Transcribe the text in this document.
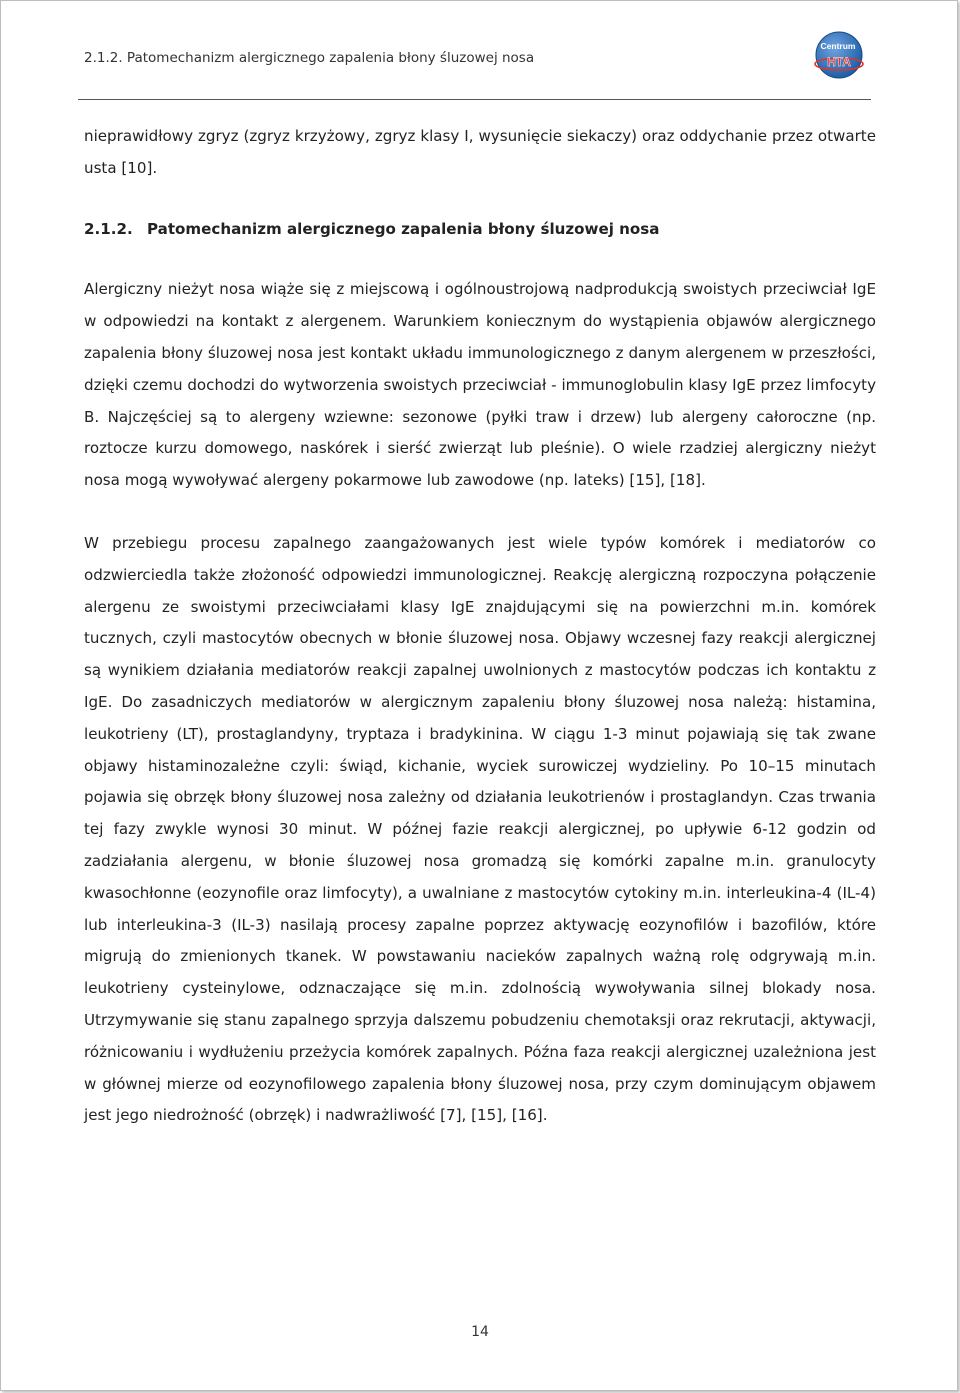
2.1.2. Patomechanizm alergicznego zapalenia błony śluzowej nosa
Centrum
HTA

nieprawidłowy zgryz (zgryz krzyżowy, zgryz klasy I, wysunięcie siekaczy) oraz oddychanie przez otwarte usta [10].

2.1.2. Patomechanizm alergicznego zapalenia błony śluzowej nosa

Alergiczny nieżyt nosa wiąże się z miejscową i ogólnoustrojową nadprodukcją swoistych przeciwciał IgE w odpowiedzi na kontakt z alergenem. Warunkiem koniecznym do wystąpienia objawów alergicznego zapalenia błony śluzowej nosa jest kontakt układu immunologicznego z danym alergenem w przeszłości, dzięki czemu dochodzi do wytworzenia swoistych przeciwciał - immunoglobulin klasy IgE przez limfocyty B. Najczęściej są to alergeny wziewne: sezonowe (pyłki traw i drzew) lub alergeny całoroczne (np. roztocze kurzu domowego, naskórek i sierść zwierząt lub pleśnie). O wiele rzadziej alergiczny nieżyt nosa mogą wywoływać alergeny pokarmowe lub zawodowe (np. lateks) [15], [18].

W przebiegu procesu zapalnego zaangażowanych jest wiele typów komórek i mediatorów co odzwierciedla także złożoność odpowiedzi immunologicznej. Reakcję alergiczną rozpoczyna połączenie alergenu ze swoistymi przeciwciałami klasy IgE znajdującymi się na powierzchni m.in. komórek tucznych, czyli mastocytów obecnych w błonie śluzowej nosa. Objawy wczesnej fazy reakcji alergicznej są wynikiem działania mediatorów reakcji zapalnej uwolnionych z mastocytów podczas ich kontaktu z IgE. Do zasadniczych mediatorów w alergicznym zapaleniu błony śluzowej nosa należą: histamina, leukotrieny (LT), prostaglandyny, tryptaza i bradykinina. W ciągu 1-3 minut pojawiają się tak zwane objawy histaminozależne czyli: świąd, kichanie, wyciek surowiczej wydzieliny. Po 10–15 minutach pojawia się obrzęk błony śluzowej nosa zależny od działania leukotrienów i prostaglandyn. Czas trwania tej fazy zwykle wynosi 30 minut. W późnej fazie reakcji alergicznej, po upływie 6-12 godzin od zadziałania alergenu, w błonie śluzowej nosa gromadzą się komórki zapalne m.in. granulocyty kwasochłonne (eozynofile oraz limfocyty), a uwalniane z mastocytów cytokiny m.in. interleukina-4 (IL-4) lub interleukina-3 (IL-3) nasilają procesy zapalne poprzez aktywację eozynofilów i bazofilów, które migrują do zmienionych tkanek. W powstawaniu nacieków zapalnych ważną rolę odgrywają m.in. leukotrieny cysteinylowe, odznaczające się m.in. zdolnością wywoływania silnej blokady nosa. Utrzymywanie się stanu zapalnego sprzyja dalszemu pobudzeniu chemotaksji oraz rekrutacji, aktywacji, różnicowaniu i wydłużeniu przeżycia komórek zapalnych. Późna faza reakcji alergicznej uzależniona jest w głównej mierze od eozynofilowego zapalenia błony śluzowej nosa, przy czym dominującym objawem jest jego niedrożność (obrzęk) i nadwrażliwość [7], [15], [16].

14
